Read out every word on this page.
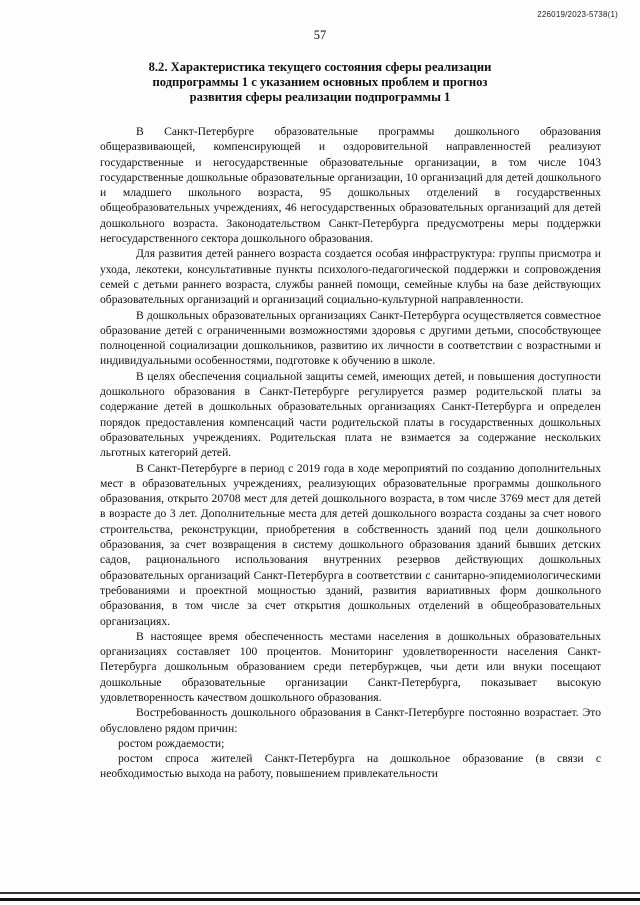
226019/2023-5738(1)
57
8.2. Характеристика текущего состояния сферы реализации
подпрограммы 1 с указанием основных проблем и прогноз
развития сферы реализации подпрограммы 1

В Санкт-Петербурге образовательные программы дошкольного образования общеразвивающей, компенсирующей и оздоровительной направленностей реализуют государственные и негосударственные образовательные организации, в том числе 1043 государственные дошкольные образовательные организации, 10 организаций для детей дошкольного и младшего школьного возраста, 95 дошкольных отделений в государственных общеобразовательных учреждениях, 46 негосударственных образовательных организаций для детей дошкольного возраста. Законодательством Санкт-Петербурга предусмотрены меры поддержки негосударственного сектора дошкольного образования.

Для развития детей раннего возраста создается особая инфраструктура: группы присмотра и ухода, лекотеки, консультативные пункты психолого-педагогической поддержки и сопровождения семей с детьми раннего возраста, службы ранней помощи, семейные клубы на базе действующих образовательных организаций и организаций социально-культурной направленности.

В дошкольных образовательных организациях Санкт-Петербурга осуществляется совместное образование детей с ограниченными возможностями здоровья с другими детьми, способствующее полноценной социализации дошкольников, развитию их личности в соответствии с возрастными и индивидуальными особенностями, подготовке к обучению в школе.

В целях обеспечения социальной защиты семей, имеющих детей, и повышения доступности дошкольного образования в Санкт-Петербурге регулируется размер родительской платы за содержание детей в дошкольных образовательных организациях Санкт-Петербурга и определен порядок предоставления компенсаций части родительской платы в государственных дошкольных образовательных учреждениях. Родительская плата не взимается за содержание нескольких льготных категорий детей.

В Санкт-Петербурге в период с 2019 года в ходе мероприятий по созданию дополнительных мест в образовательных учреждениях, реализующих образовательные программы дошкольного образования, открыто 20708 мест для детей дошкольного возраста, в том числе 3769 мест для детей в возрасте до 3 лет. Дополнительные места для детей дошкольного возраста созданы за счет нового строительства, реконструкции, приобретения в собственность зданий под цели дошкольного образования, за счет возвращения в систему дошкольного образования зданий бывших детских садов, рационального использования внутренних резервов действующих дошкольных образовательных организаций Санкт-Петербурга в соответствии с санитарно-эпидемиологическими требованиями и проектной мощностью зданий, развития вариативных форм дошкольного образования, в том числе за счет открытия дошкольных отделений в общеобразовательных организациях.

В настоящее время обеспеченность местами населения в дошкольных образовательных организациях составляет 100 процентов. Мониторинг удовлетворенности населения Санкт-Петербурга дошкольным образованием среди петербуржцев, чьи дети или внуки посещают дошкольные образовательные организации Санкт-Петербурга, показывает высокую удовлетворенность качеством дошкольного образования.

Востребованность дошкольного образования в Санкт-Петербурге постоянно возрастает. Это обусловлено рядом причин:

ростом рождаемости;

ростом спроса жителей Санкт-Петербурга на дошкольное образование (в связи с необходимостью выхода на работу, повышением привлекательности
